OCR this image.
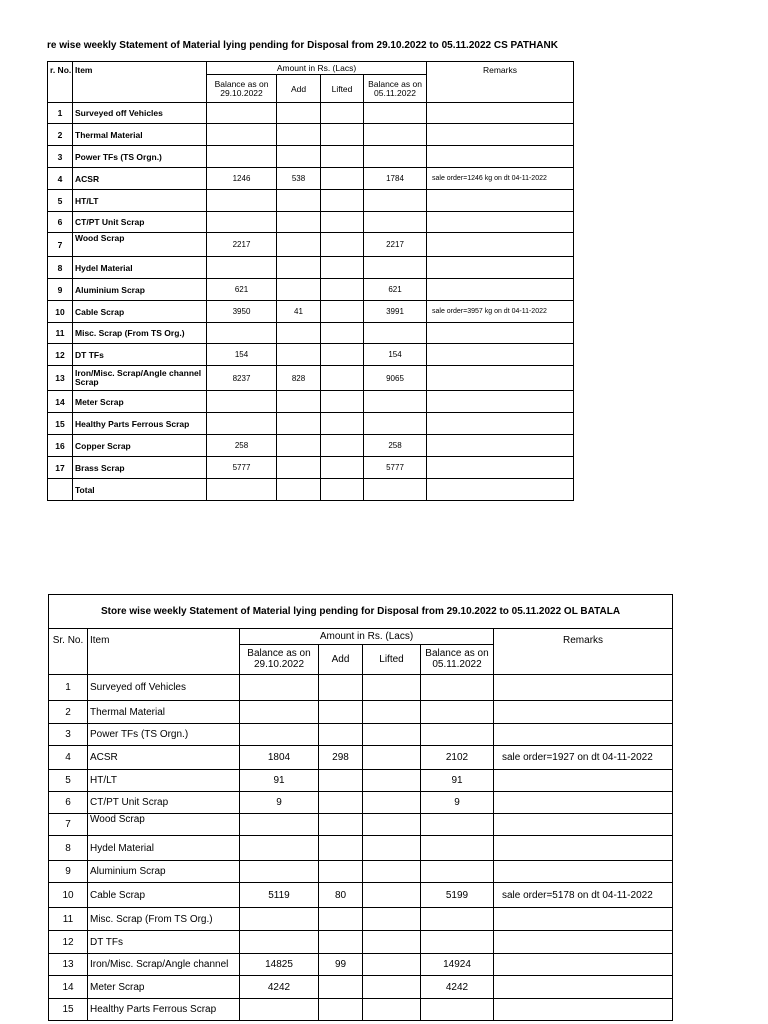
re wise weekly Statement of Material lying pending for Disposal from 29.10.2022 to 05.11.2022 CS PATHANK
r. No.	Item	Amount in Rs. (Lacs)				Remarks
		Balance as on 29.10.2022	Add	Lifted	Balance as on 05.11.2022	
1	Surveyed off Vehicles					
2	Thermal Material					
3	Power TFs (TS Orgn.)					
4	ACSR	1246	538		1784	sale order=1246 kg on dt 04-11-2022
5	HT/LT					
6	CT/PT Unit Scrap					
7	Wood Scrap	2217			2217	
8	Hydel Material					
9	Aluminium Scrap	621			621	
10	Cable Scrap	3950	41		3991	sale order=3957 kg on dt 04-11-2022
11	Misc. Scrap (From TS Org.)					
12	DT TFs	154			154	
13	Iron/Misc. Scrap/Angle channel Scrap	8237	828		9065	
14	Meter Scrap					
15	Healthy Parts Ferrous Scrap					
16	Copper Scrap	258			258	
17	Brass Scrap	5777			5777	
	Total					
Store wise weekly Statement of Material lying pending for Disposal from 29.10.2022 to 05.11.2022 OL BATALA						
Sr. No.	Item	Amount in Rs. (Lacs)				Remarks
		Balance as on 29.10.2022	Add	Lifted	Balance as on 05.11.2022	
1	Surveyed off Vehicles					
2	Thermal Material					
3	Power TFs (TS Orgn.)					
4	ACSR	1804	298		2102	sale order=1927 on dt 04-11-2022
5	HT/LT	91			91	
6	CT/PT Unit Scrap	9			9	
7	Wood Scrap					
8	Hydel Material					
9	Aluminium Scrap					
10	Cable Scrap	5119	80		5199	sale order=5178 on dt 04-11-2022
11	Misc. Scrap (From TS Org.)					
12	DT TFs					
13	Iron/Misc. Scrap/Angle channel	14825	99		14924	
14	Meter Scrap	4242			4242	
15	Healthy Parts Ferrous Scrap					
